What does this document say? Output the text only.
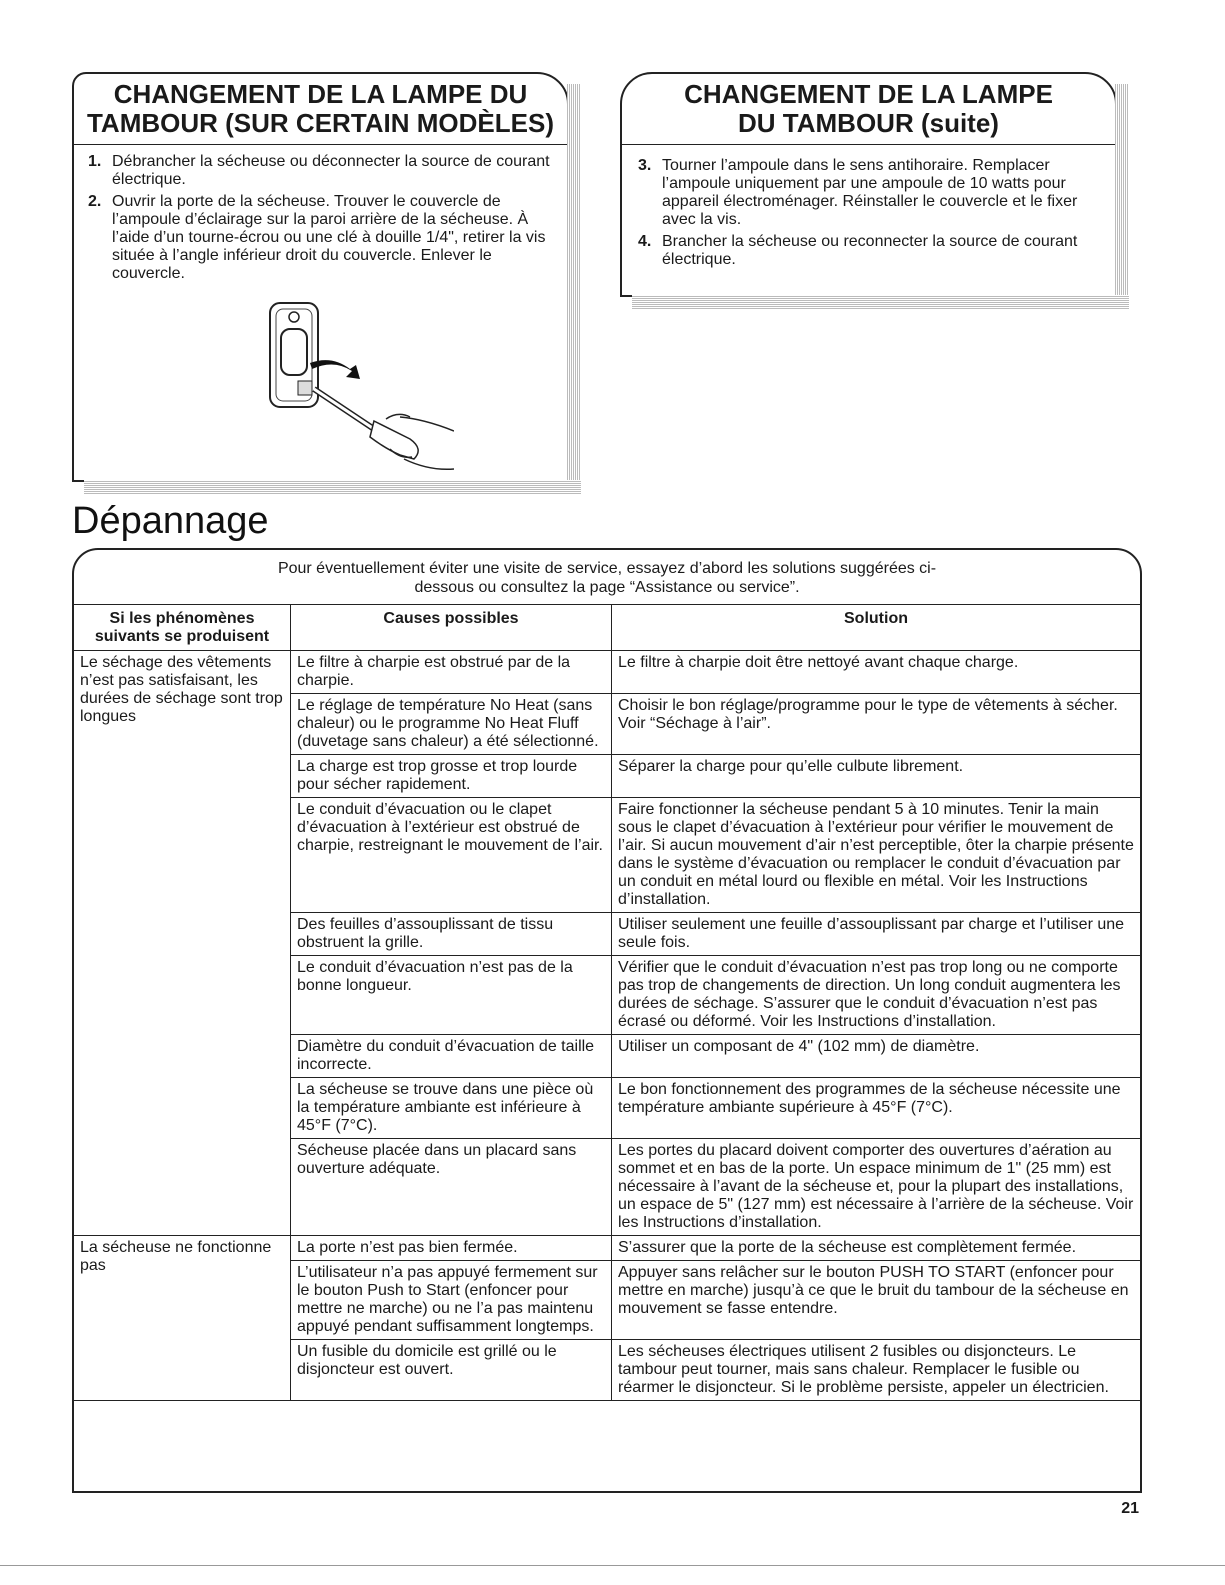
CHANGEMENT DE LA LAMPE DU TAMBOUR (SUR CERTAIN MODÈLES)
1. Débrancher la sécheuse ou déconnecter la source de courant électrique.
2. Ouvrir la porte de la sécheuse. Trouver le couvercle de l’ampoule d’éclairage sur la paroi arrière de la sécheuse. À l’aide d’un tourne-écrou ou une clé à douille 1/4", retirer la vis située à l’angle inférieur droit du couvercle. Enlever le couvercle.
CHANGEMENT DE LA LAMPE DU TAMBOUR (suite)
3. Tourner l’ampoule dans le sens antihoraire. Remplacer l’ampoule uniquement par une ampoule de 10 watts pour appareil électroménager. Réinstaller le couvercle et le fixer avec la vis.
4. Brancher la sécheuse ou reconnecter la source de courant électrique.
Dépannage
Pour éventuellement éviter une visite de service, essayez d’abord les solutions suggérées ci-dessous ou consultez la page “Assistance ou service”.
Si les phénomènes suivants se produisent	Causes possibles	Solution
Le séchage des vêtements n’est pas satisfaisant, les durées de séchage sont trop longues	Le filtre à charpie est obstrué par de la charpie.	Le filtre à charpie doit être nettoyé avant chaque charge.
	Le réglage de température No Heat (sans chaleur) ou le programme No Heat Fluff (duvetage sans chaleur) a été sélectionné.	Choisir le bon réglage/programme pour le type de vêtements à sécher. Voir “Séchage à l’air”.
	La charge est trop grosse et trop lourde pour sécher rapidement.	Séparer la charge pour qu’elle culbute librement.
	Le conduit d’évacuation ou le clapet d’évacuation à l’extérieur est obstrué de charpie, restreignant le mouvement de l’air.	Faire fonctionner la sécheuse pendant 5 à 10 minutes. Tenir la main sous le clapet d’évacuation à l’extérieur pour vérifier le mouvement de l’air. Si aucun mouvement d’air n’est perceptible, ôter la charpie présente dans le système d’évacuation ou remplacer le conduit d’évacuation par un conduit en métal lourd ou flexible en métal. Voir les Instructions d’installation.
	Des feuilles d’assouplissant de tissu obstruent la grille.	Utiliser seulement une feuille d’assouplissant par charge et l’utiliser une seule fois.
	Le conduit d’évacuation n’est pas de la bonne longueur.	Vérifier que le conduit d’évacuation n’est pas trop long ou ne comporte pas trop de changements de direction. Un long conduit augmentera les durées de séchage. S’assurer que le conduit d’évacuation n’est pas écrasé ou déformé. Voir les Instructions d’installation.
	Diamètre du conduit d’évacuation de taille incorrecte.	Utiliser un composant de 4" (102 mm) de diamètre.
	La sécheuse se trouve dans une pièce où la température ambiante est inférieure à 45°F (7°C).	Le bon fonctionnement des programmes de la sécheuse nécessite une température ambiante supérieure à 45°F (7°C).
	Sécheuse placée dans un placard sans ouverture adéquate.	Les portes du placard doivent comporter des ouvertures d’aération au sommet et en bas de la porte. Un espace minimum de 1" (25 mm) est nécessaire à l’avant de la sécheuse et, pour la plupart des installations, un espace de 5" (127 mm) est nécessaire à l’arrière de la sécheuse. Voir les Instructions d’installation.
La sécheuse ne fonctionne pas	La porte n’est pas bien fermée.	S’assurer que la porte de la sécheuse est complètement fermée.
	L’utilisateur n’a pas appuyé fermement sur le bouton Push to Start (enfoncer pour mettre ne marche) ou ne l’a pas maintenu appuyé pendant suffisamment longtemps.	Appuyer sans relâcher sur le bouton PUSH TO START (enfoncer pour mettre en marche) jusqu’à ce que le bruit du tambour de la sécheuse en mouvement se fasse entendre.
	Un fusible du domicile est grillé ou le disjoncteur est ouvert.	Les sécheuses électriques utilisent 2 fusibles ou disjoncteurs. Le tambour peut tourner, mais sans chaleur. Remplacer le fusible ou réarmer le disjoncteur. Si le problème persiste, appeler un électricien.
21
